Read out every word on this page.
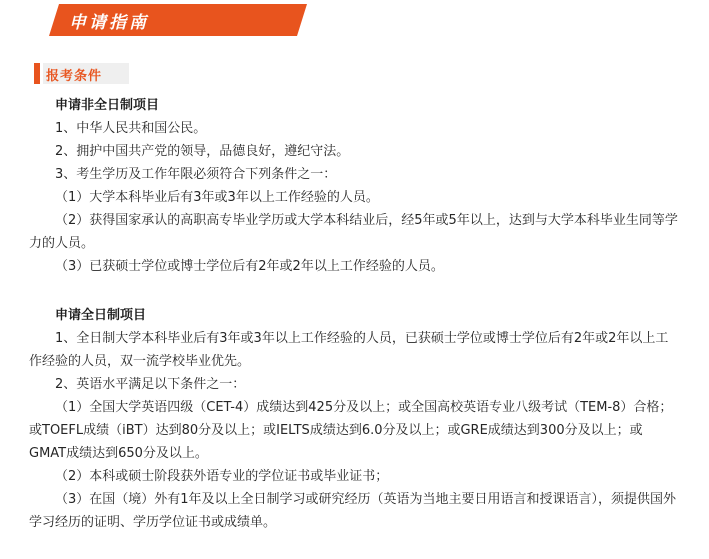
申请指南
报考条件

申请非全日制项目

1、中华人民共和国公民。

2、拥护中国共产党的领导，品德良好，遵纪守法。

3、考生学历及工作年限必须符合下列条件之一：

（1）大学本科毕业后有3年或3年以上工作经验的人员。

（2）获得国家承认的高职高专毕业学历或大学本科结业后，经5年或5年以上，达到与大学本科毕业生同等学力的人员。

（3）已获硕士学位或博士学位后有2年或2年以上工作经验的人员。

申请全日制项目

1、全日制大学本科毕业后有3年或3年以上工作经验的人员，已获硕士学位或博士学位后有2年或2年以上工作经验的人员，双一流学校毕业优先。

2、英语水平满足以下条件之一：

（1）全国大学英语四级（CET-4）成绩达到425分及以上；或全国高校英语专业八级考试（TEM-8）合格；或TOEFL成绩（iBT）达到80分及以上；或IELTS成绩达到6.0分及以上；或GRE成绩达到300分及以上；或GMAT成绩达到650分及以上。

（2）本科或硕士阶段获外语专业的学位证书或毕业证书；

（3）在国（境）外有1年及以上全日制学习或研究经历（英语为当地主要日用语言和授课语言），须提供国外学习经历的证明、学历学位证书或成绩单。
